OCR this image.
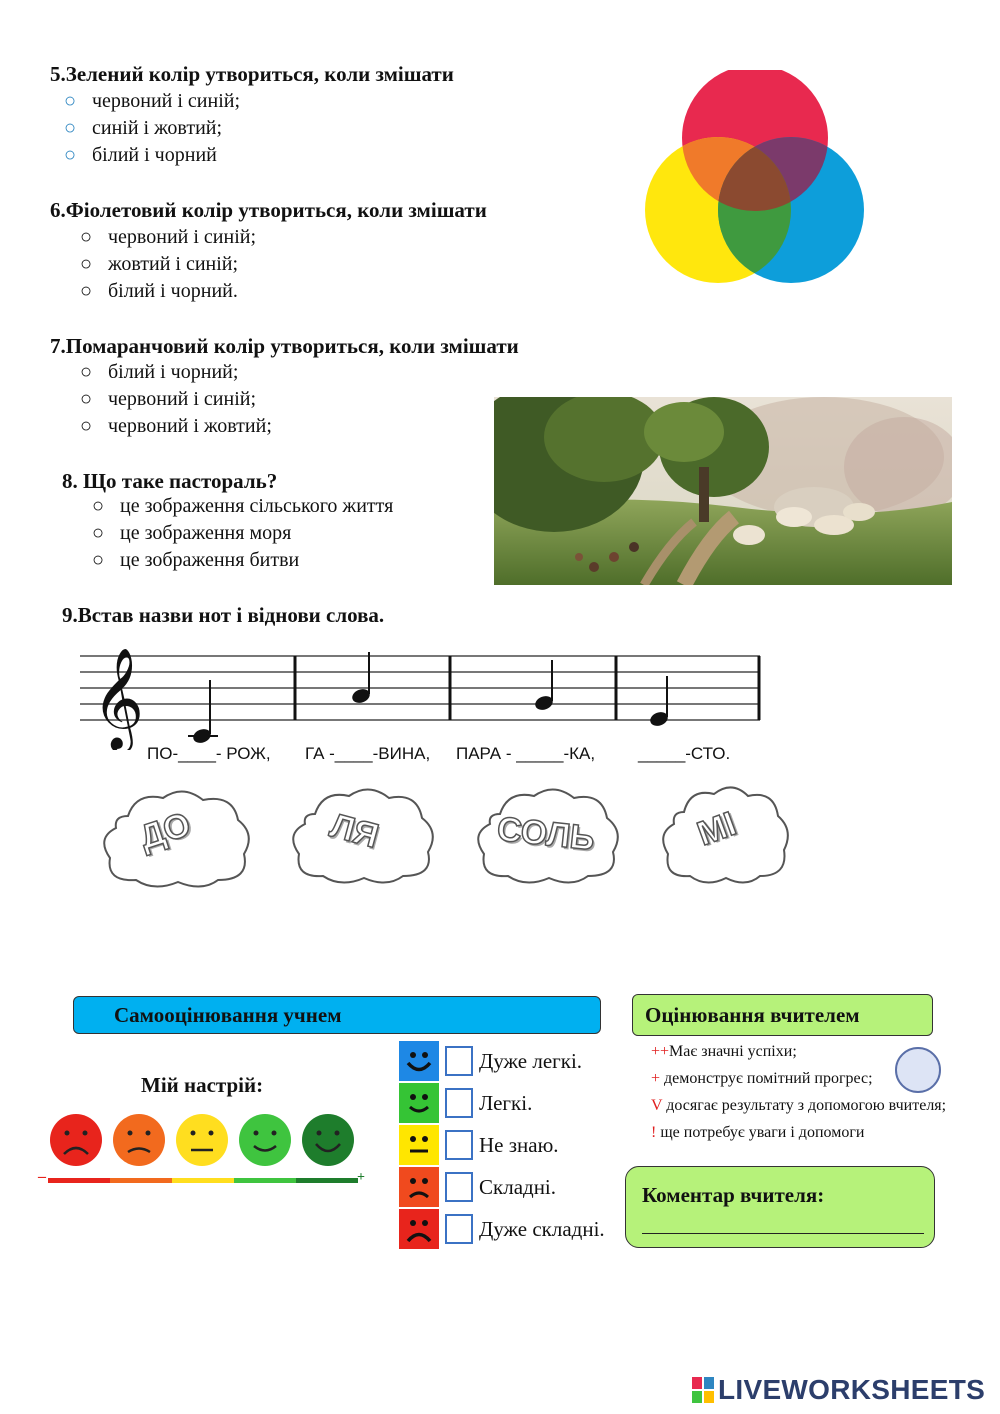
5.Зелений колір утвориться, коли змішати
○ червоний і синій;
○ синій і жовтий;
○ білий і чорний
6.Фіолетовий колір утвориться, коли змішати
○ червоний і синій;
○ жовтий і синій;
○ білий і чорний.
7.Помаранчовий колір утвориться, коли змішати
○ білий і чорний;
○ червоний і синій;
○ червоний і жовтий;
8. Що таке пастораль?
○ це зображення сільського життя
○ це зображення моря
○ це зображення битви
9.Встав назви нот і віднови слова.
𝄞
ПО-____- РОЖ, ГА -____-ВИНА, ПАРА - _____-КА,	_____-СТО.
ДО	ЛЯ	СОЛЬ	МІ
Самооцінювання учнем	Оцінювання вчителем
Мій настрій:
–	+
Дуже легкі.
Легкі.
Не знаю.
Складні.
Дуже складні.
++Має значні успіхи;
+ демонструє помітний прогрес;
V досягає результату з допомогою вчителя;
! ще потребує уваги і допомоги
Коментар вчителя:
LIVEWORKSHEETS
